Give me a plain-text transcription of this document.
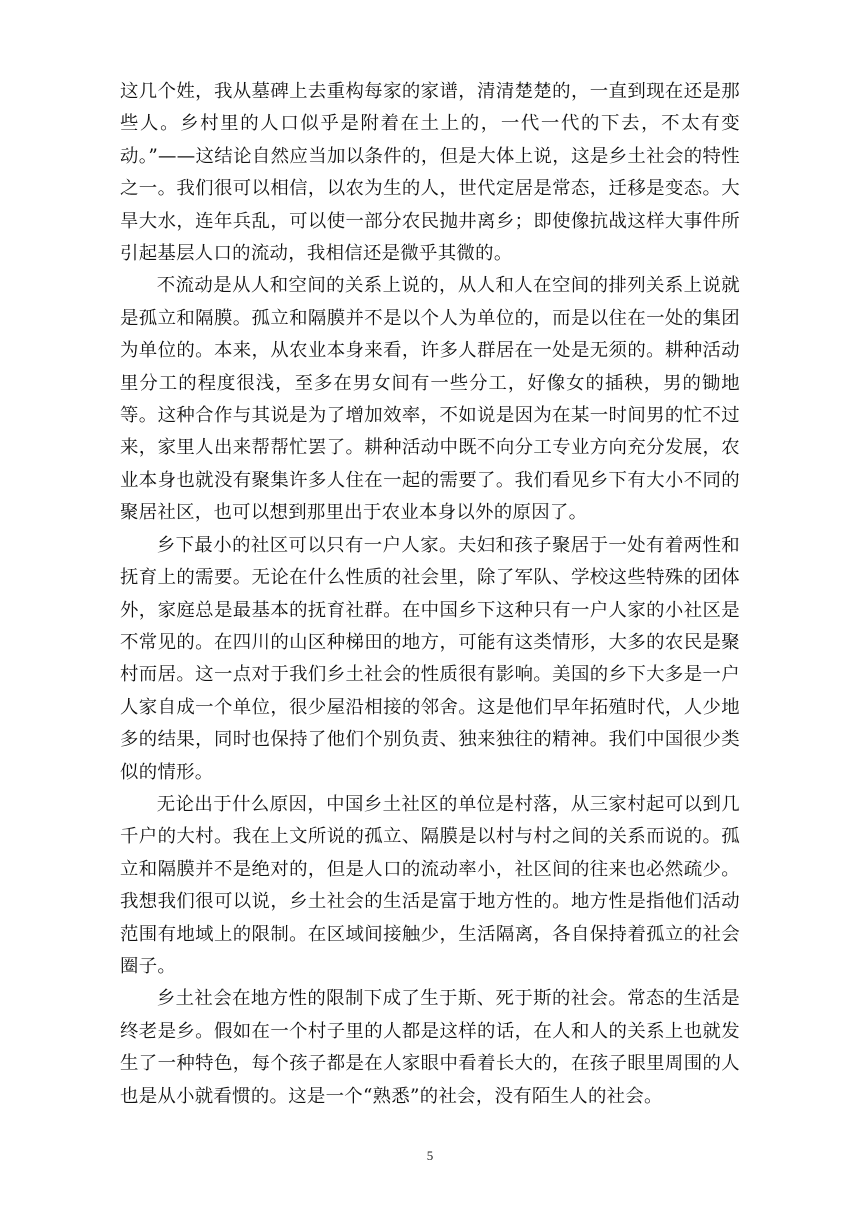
这几个姓，我从墓碑上去重构每家的家谱，清清楚楚的，一直到现在还是那些人。乡村里的人口似乎是附着在土上的，一代一代的下去，不太有变动。”——这结论自然应当加以条件的，但是大体上说，这是乡土社会的特性之一。我们很可以相信，以农为生的人，世代定居是常态，迁移是变态。大旱大水，连年兵乱，可以使一部分农民抛井离乡；即使像抗战这样大事件所引起基层人口的流动，我相信还是微乎其微的。

不流动是从人和空间的关系上说的，从人和人在空间的排列关系上说就是孤立和隔膜。孤立和隔膜并不是以个人为单位的，而是以住在一处的集团为单位的。本来，从农业本身来看，许多人群居在一处是无须的。耕种活动里分工的程度很浅，至多在男女间有一些分工，好像女的插秧，男的锄地等。这种合作与其说是为了增加效率，不如说是因为在某一时间男的忙不过来，家里人出来帮帮忙罢了。耕种活动中既不向分工专业方向充分发展，农业本身也就没有聚集许多人住在一起的需要了。我们看见乡下有大小不同的聚居社区，也可以想到那里出于农业本身以外的原因了。

乡下最小的社区可以只有一户人家。夫妇和孩子聚居于一处有着两性和抚育上的需要。无论在什么性质的社会里，除了军队、学校这些特殊的团体外，家庭总是最基本的抚育社群。在中国乡下这种只有一户人家的小社区是不常见的。在四川的山区种梯田的地方，可能有这类情形，大多的农民是聚村而居。这一点对于我们乡土社会的性质很有影响。美国的乡下大多是一户人家自成一个单位，很少屋沿相接的邻舍。这是他们早年拓殖时代，人少地多的结果，同时也保持了他们个别负责、独来独往的精神。我们中国很少类似的情形。

无论出于什么原因，中国乡土社区的单位是村落，从三家村起可以到几千户的大村。我在上文所说的孤立、隔膜是以村与村之间的关系而说的。孤立和隔膜并不是绝对的，但是人口的流动率小，社区间的往来也必然疏少。我想我们很可以说，乡土社会的生活是富于地方性的。地方性是指他们活动范围有地域上的限制。在区域间接触少，生活隔离，各自保持着孤立的社会圈子。

乡土社会在地方性的限制下成了生于斯、死于斯的社会。常态的生活是终老是乡。假如在一个村子里的人都是这样的话，在人和人的关系上也就发生了一种特色，每个孩子都是在人家眼中看着长大的，在孩子眼里周围的人也是从小就看惯的。这是一个“熟悉”的社会，没有陌生人的社会。

5
